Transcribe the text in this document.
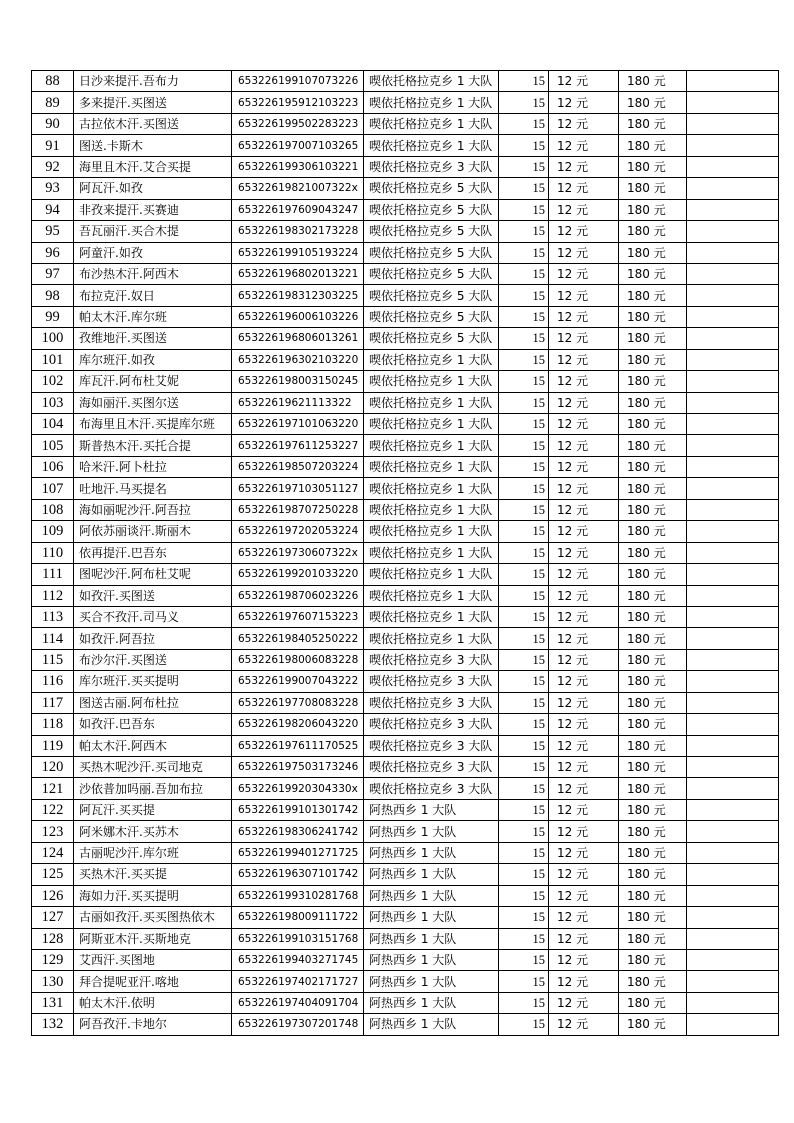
88	日沙来提汗.吾布力	653226199107073226	喫依托格拉克乡 1 大队	15	12 元	180 元	
89	多来提汗.买图送	653226195912103223	喫依托格拉克乡 1 大队	15	12 元	180 元	
90	古拉依木汗.买图送	653226199502283223	喫依托格拉克乡 1 大队	15	12 元	180 元	
91	图送.卡斯木	653226197007103265	喫依托格拉克乡 1 大队	15	12 元	180 元	
92	海里且木汗.艾合买提	653226199306103221	喫依托格拉克乡 3 大队	15	12 元	180 元	
93	阿瓦汗.如孜	65322619821007322x	喫依托格拉克乡 5 大队	15	12 元	180 元	
94	非孜来提汗.买赛迪	653226197609043247	喫依托格拉克乡 5 大队	15	12 元	180 元	
95	吾瓦丽汗.买合木提	653226198302173228	喫依托格拉克乡 5 大队	15	12 元	180 元	
96	阿童汗.如孜	653226199105193224	喫依托格拉克乡 5 大队	15	12 元	180 元	
97	布沙热木汗.阿西木	653226196802013221	喫依托格拉克乡 5 大队	15	12 元	180 元	
98	布拉克汗.奴日	653226198312303225	喫依托格拉克乡 5 大队	15	12 元	180 元	
99	帕太木汗.库尔班	653226196006103226	喫依托格拉克乡 5 大队	15	12 元	180 元	
100	孜维地汗.买图送	653226196806013261	喫依托格拉克乡 5 大队	15	12 元	180 元	
101	库尔班汗.如孜	653226196302103220	喫依托格拉克乡 1 大队	15	12 元	180 元	
102	库瓦汗.阿布杜艾妮	653226198003150245	喫依托格拉克乡 1 大队	15	12 元	180 元	
103	海如丽汗.买图尔送	65322619621113322	喫依托格拉克乡 1 大队	15	12 元	180 元	
104	布海里且木汗.买提库尔班	653226197101063220	喫依托格拉克乡 1 大队	15	12 元	180 元	
105	斯普热木汗.买托合提	653226197611253227	喫依托格拉克乡 1 大队	15	12 元	180 元	
106	哈米汗.阿卜杜拉	653226198507203224	喫依托格拉克乡 1 大队	15	12 元	180 元	
107	吐地汗.马买提名	653226197103051127	喫依托格拉克乡 1 大队	15	12 元	180 元	
108	海如丽呢沙汗.阿吾拉	653226198707250228	喫依托格拉克乡 1 大队	15	12 元	180 元	
109	阿依苏丽谈汗.斯丽木	653226197202053224	喫依托格拉克乡 1 大队	15	12 元	180 元	
110	依再提汗.巴吾东	65322619730607322x	喫依托格拉克乡 1 大队	15	12 元	180 元	
111	图呢沙汗.阿布杜艾呢	653226199201033220	喫依托格拉克乡 1 大队	15	12 元	180 元	
112	如孜汗.买图送	653226198706023226	喫依托格拉克乡 1 大队	15	12 元	180 元	
113	买合不孜汗.司马义	653226197607153223	喫依托格拉克乡 1 大队	15	12 元	180 元	
114	如孜汗.阿吾拉	653226198405250222	喫依托格拉克乡 1 大队	15	12 元	180 元	
115	布沙尔汗.买图送	653226198006083228	喫依托格拉克乡 3 大队	15	12 元	180 元	
116	库尔班汗.买买提明	653226199007043222	喫依托格拉克乡 3 大队	15	12 元	180 元	
117	图送古丽.阿布杜拉	653226197708083228	喫依托格拉克乡 3 大队	15	12 元	180 元	
118	如孜汗.巴吾东	653226198206043220	喫依托格拉克乡 3 大队	15	12 元	180 元	
119	帕太木汗.阿西木	653226197611170525	喫依托格拉克乡 3 大队	15	12 元	180 元	
120	买热木呢沙汗.买司地克	653226197503173246	喫依托格拉克乡 3 大队	15	12 元	180 元	
121	沙依普加吗丽.吾加布拉	65322619920304330x	喫依托格拉克乡 3 大队	15	12 元	180 元	
122	阿瓦汗.买买提	653226199101301742	阿热西乡 1 大队	15	12 元	180 元	
123	阿米娜木汗.买苏木	653226198306241742	阿热西乡 1 大队	15	12 元	180 元	
124	古丽呢沙汗.库尔班	653226199401271725	阿热西乡 1 大队	15	12 元	180 元	
125	买热木汗.买买提	653226196307101742	阿热西乡 1 大队	15	12 元	180 元	
126	海如力汗.买买提明	653226199310281768	阿热西乡 1 大队	15	12 元	180 元	
127	古丽如孜汗.买买图热依木	653226198009111722	阿热西乡 1 大队	15	12 元	180 元	
128	阿斯亚木汗.买斯地克	653226199103151768	阿热西乡 1 大队	15	12 元	180 元	
129	艾西汗.买图地	653226199403271745	阿热西乡 1 大队	15	12 元	180 元	
130	拜合提呢亚汗.喀地	653226197402171727	阿热西乡 1 大队	15	12 元	180 元	
131	帕太木汗.依明	653226197404091704	阿热西乡 1 大队	15	12 元	180 元	
132	阿吾孜汗.卡地尔	653226197307201748	阿热西乡 1 大队	15	12 元	180 元	
